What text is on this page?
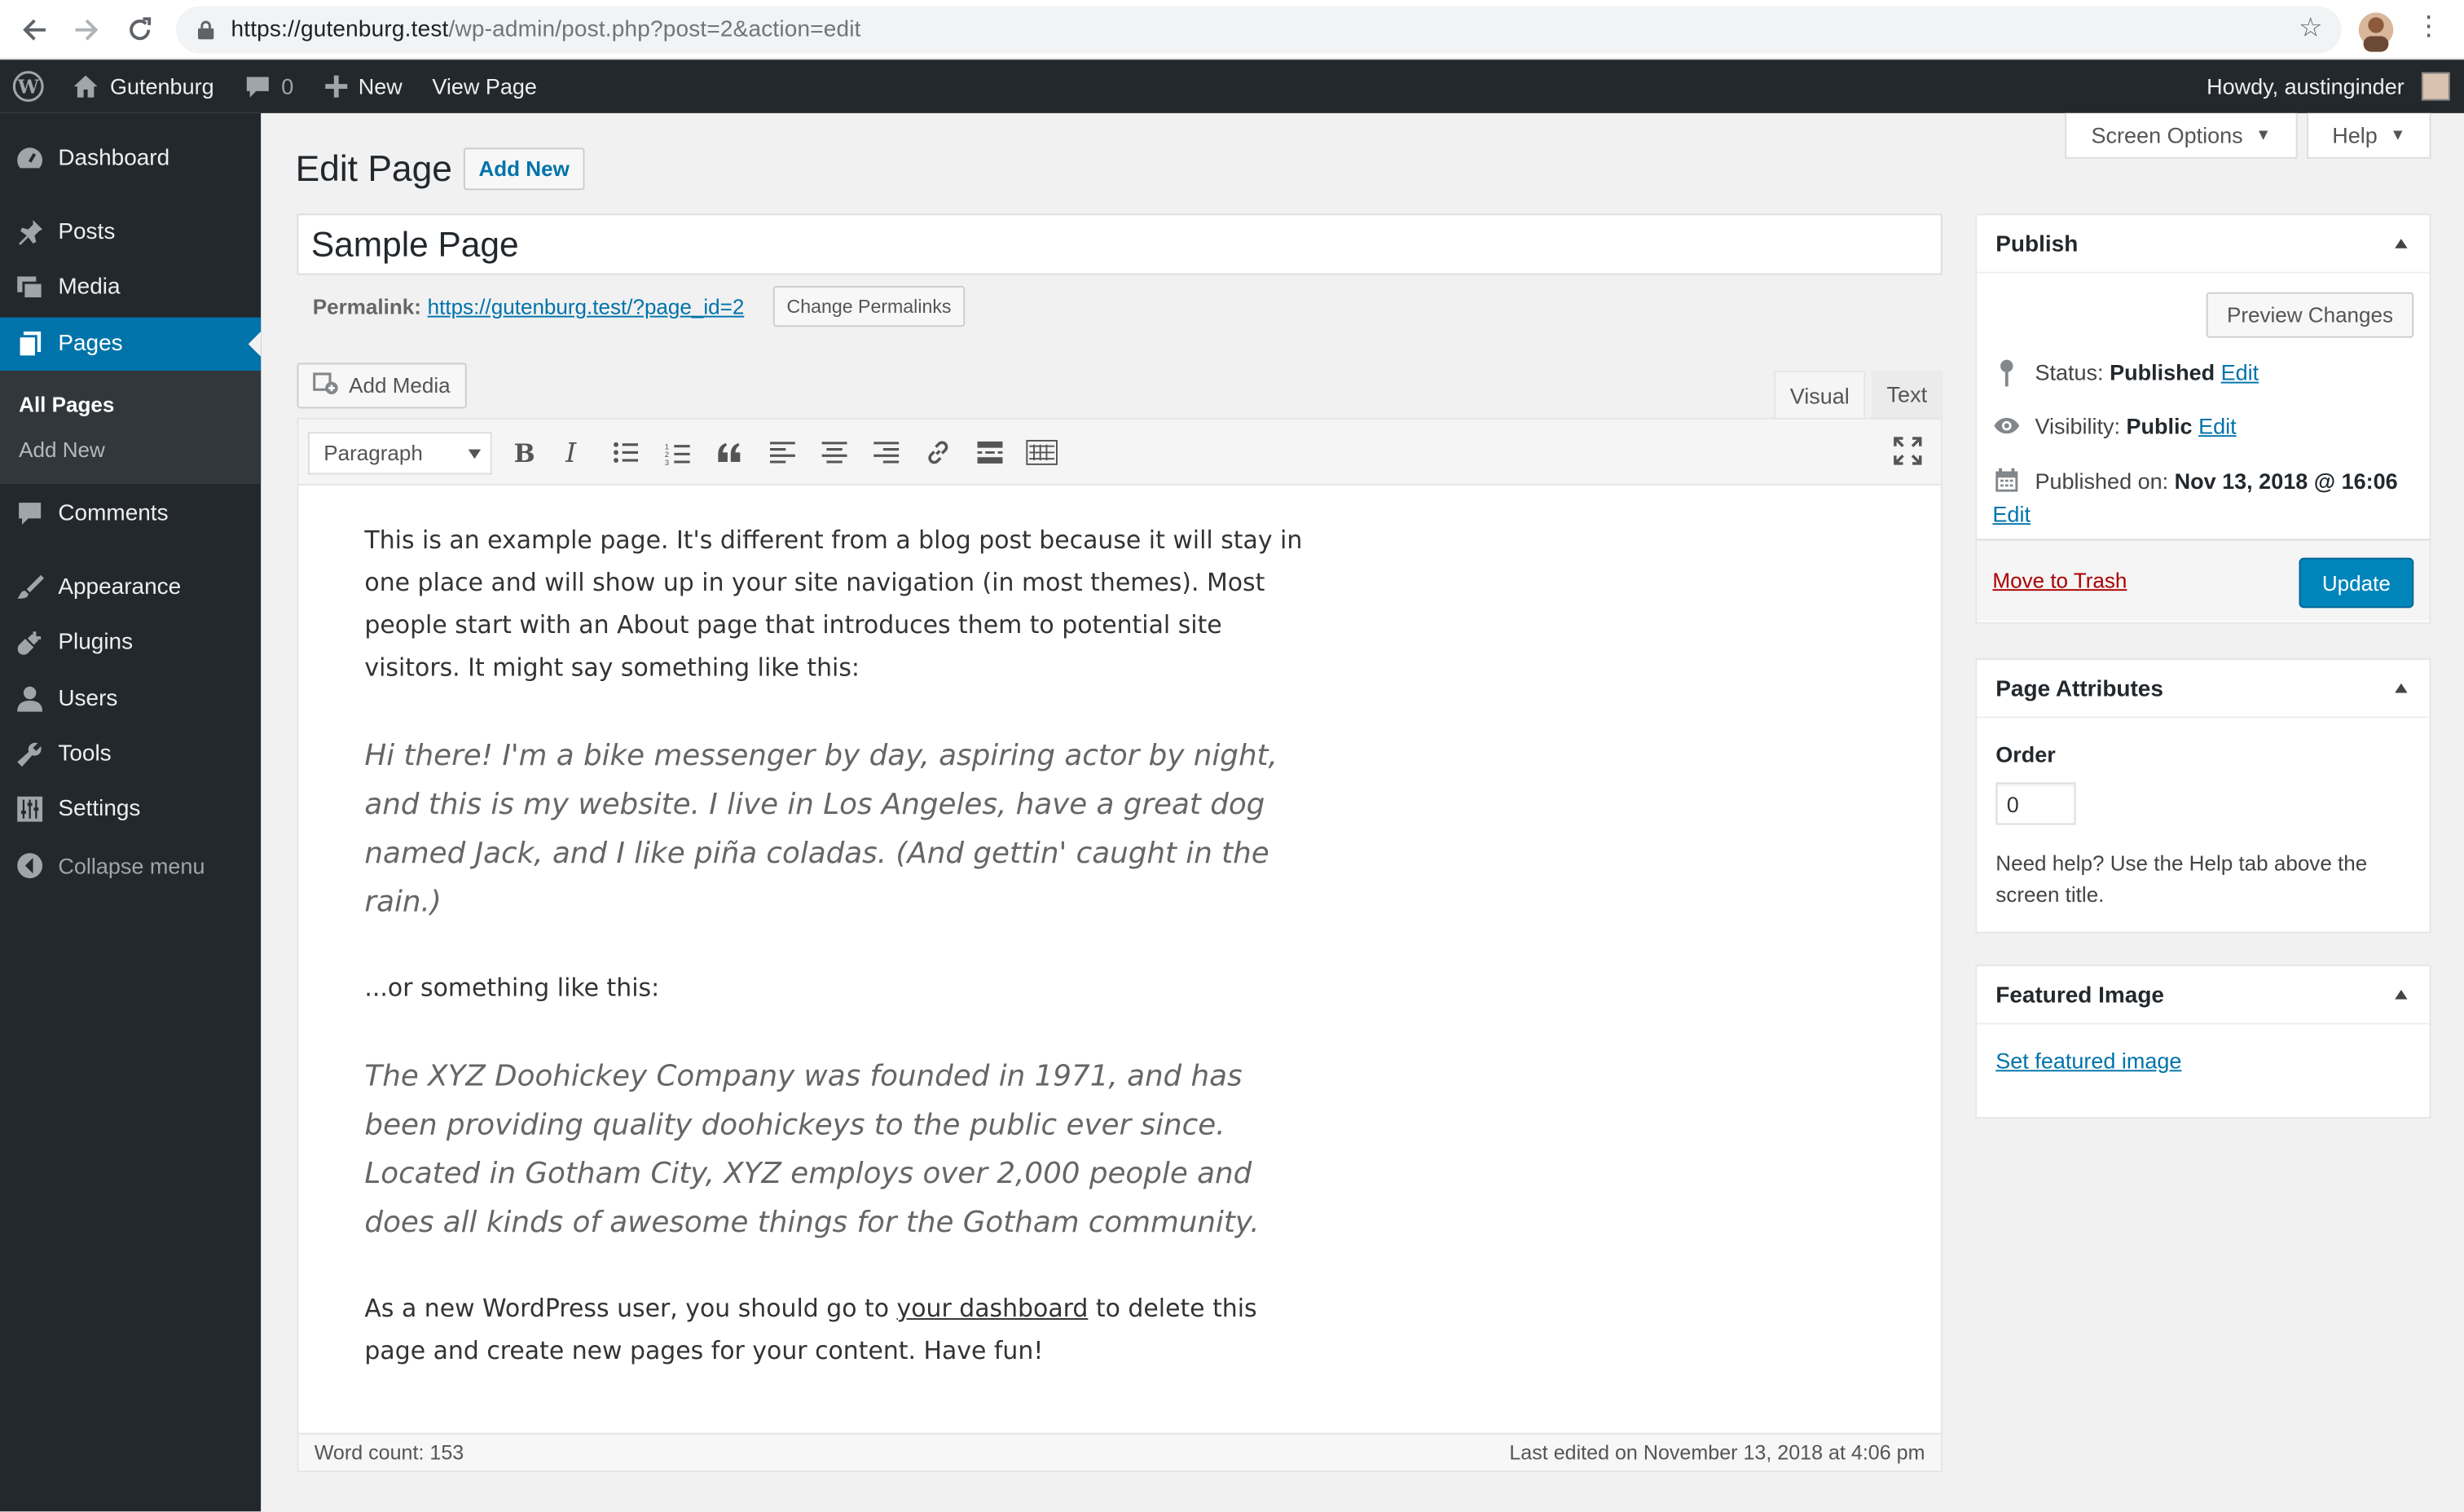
https://gutenburg.test/wp-admin/post.php?post=2&action=edit	☆	⋮
W	Gutenburg	0	New	View Page	Howdy, austinginder
Dashboard
Posts
Media
Pages
All Pages
Add New
Comments
Appearance
Plugins
Users
Tools
Settings
Collapse menu
Screen Options ▼	Help ▼
Edit Page	Add New
Sample Page
Permalink: https://gutenburg.test/?page_id=2	Change Permalinks
Add Media	Visual	Text
Paragraph	B I	1
2
3

This is an example page. It's different from a blog post because it will stay in one place and will show up in your site navigation (in most themes). Most people start with an About page that introduces them to potential site visitors. It might say something like this:

Hi there! I'm a bike messenger by day, aspiring actor by night, and this is my website. I live in Los Angeles, have a great dog named Jack, and I like piña coladas. (And gettin' caught in the rain.)

...or something like this:

The XYZ Doohickey Company was founded in 1971, and has been providing quality doohickeys to the public ever since. Located in Gotham City, XYZ employs over 2,000 people and does all kinds of awesome things for the Gotham community.

As a new WordPress user, you should go to your dashboard to delete this page and create new pages for your content. Have fun!

Word count: 153	Last edited on November 13, 2018 at 4:06 pm
Publish
Preview Changes
Status: Published Edit
Visibility: Public Edit
Published on: Nov 13, 2018 @ 16:06
Edit
Move to Trash	Update
Page Attributes
Order
0
Need help? Use the Help tab above the screen title.
Featured Image
Set featured image
